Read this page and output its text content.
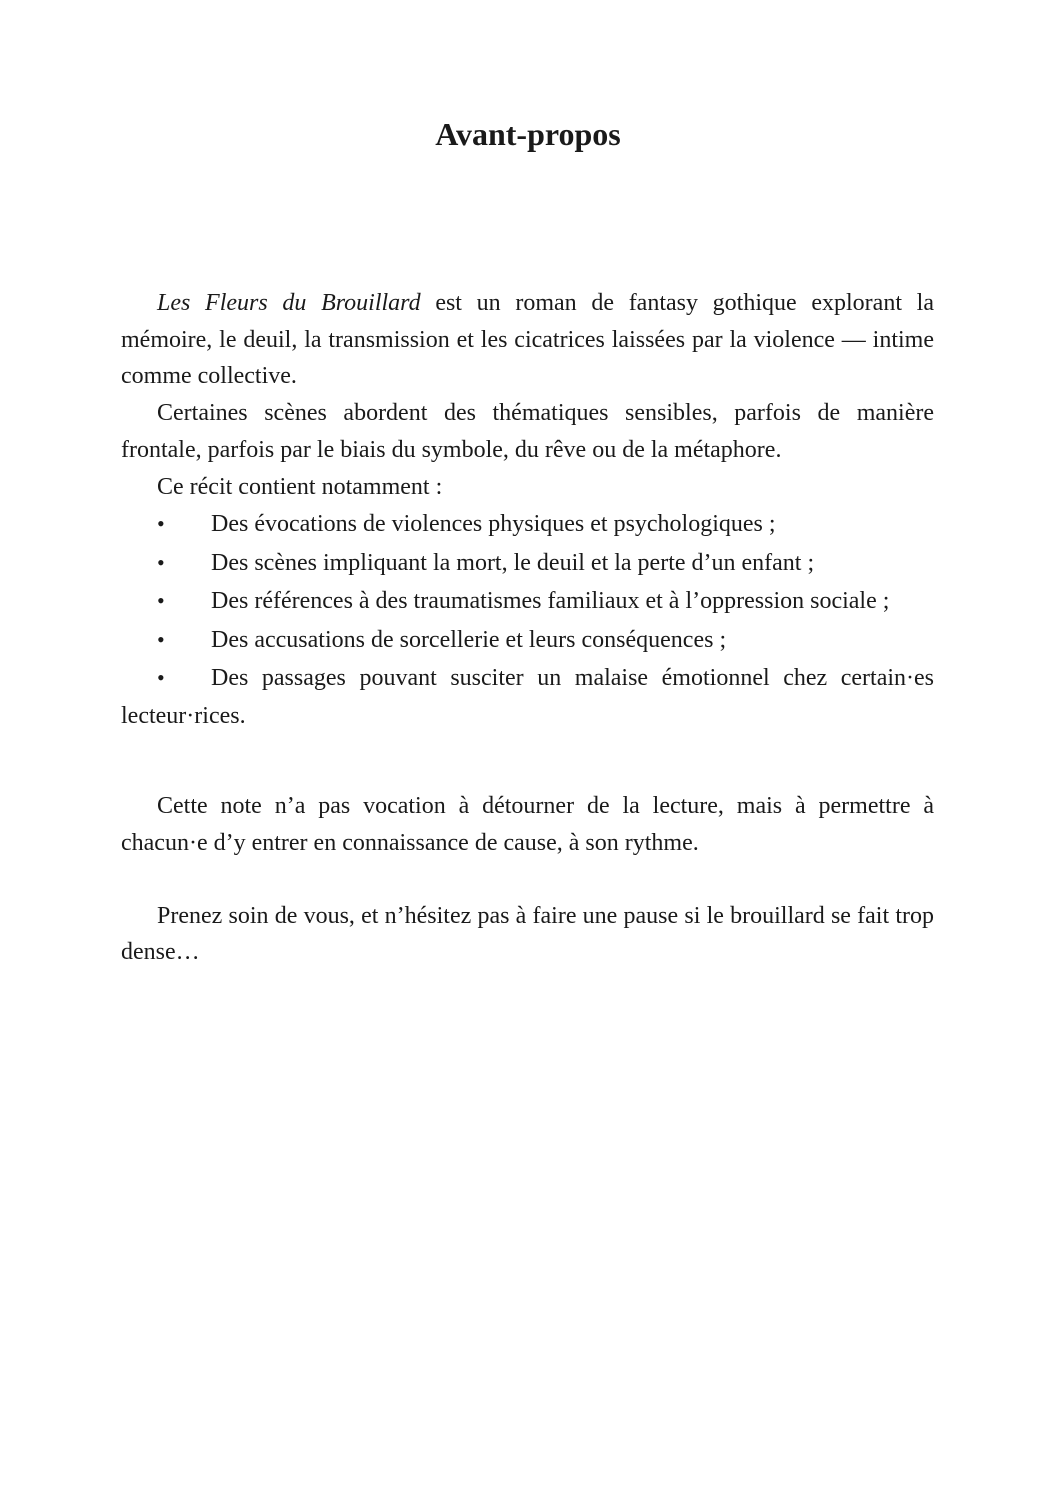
Avant-propos

Les Fleurs du Brouillard est un roman de fantasy gothique explorant la mémoire, le deuil, la transmission et les cicatrices laissées par la violence — intime comme collective.

Certaines scènes abordent des thématiques sensibles, parfois de manière frontale, parfois par le biais du symbole, du rêve ou de la métaphore.

Ce récit contient notamment :

• Des évocations de violences physiques et psychologiques ;
• Des scènes impliquant la mort, le deuil et la perte d’un enfant ;
• Des références à des traumatismes familiaux et à l’oppression sociale ;
• Des accusations de sorcellerie et leurs conséquences ;
• Des passages pouvant susciter un malaise émotionnel chez certain·es lecteur·rices.

Cette note n’a pas vocation à détourner de la lecture, mais à permettre à chacun·e d’y entrer en connaissance de cause, à son rythme.

Prenez soin de vous, et n’hésitez pas à faire une pause si le brouillard se fait trop dense…
